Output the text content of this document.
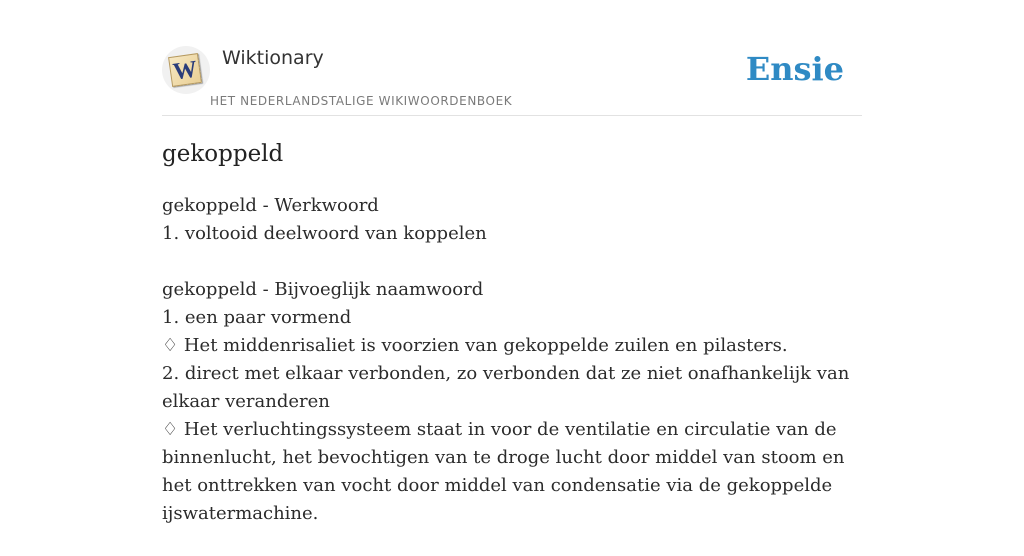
W Wiktionary
HET NEDERLANDSTALIGE WIKIWOORDENBOEK
Ensie
gekoppeld
gekoppeld - Werkwoord
1. voltooid deelwoord van koppelen
gekoppeld - Bijvoeglijk naamwoord
1. een paar vormend
♢ Het middenrisaliet is voorzien van gekoppelde zuilen en pilasters.
2. direct met elkaar verbonden, zo verbonden dat ze niet onafhankelijk van elkaar veranderen
♢ Het verluchtingssysteem staat in voor de ventilatie en circulatie van de binnenlucht, het bevochtigen van te droge lucht door middel van stoom en het onttrekken van vocht door middel van condensatie via de gekoppelde ijswatermachine.
